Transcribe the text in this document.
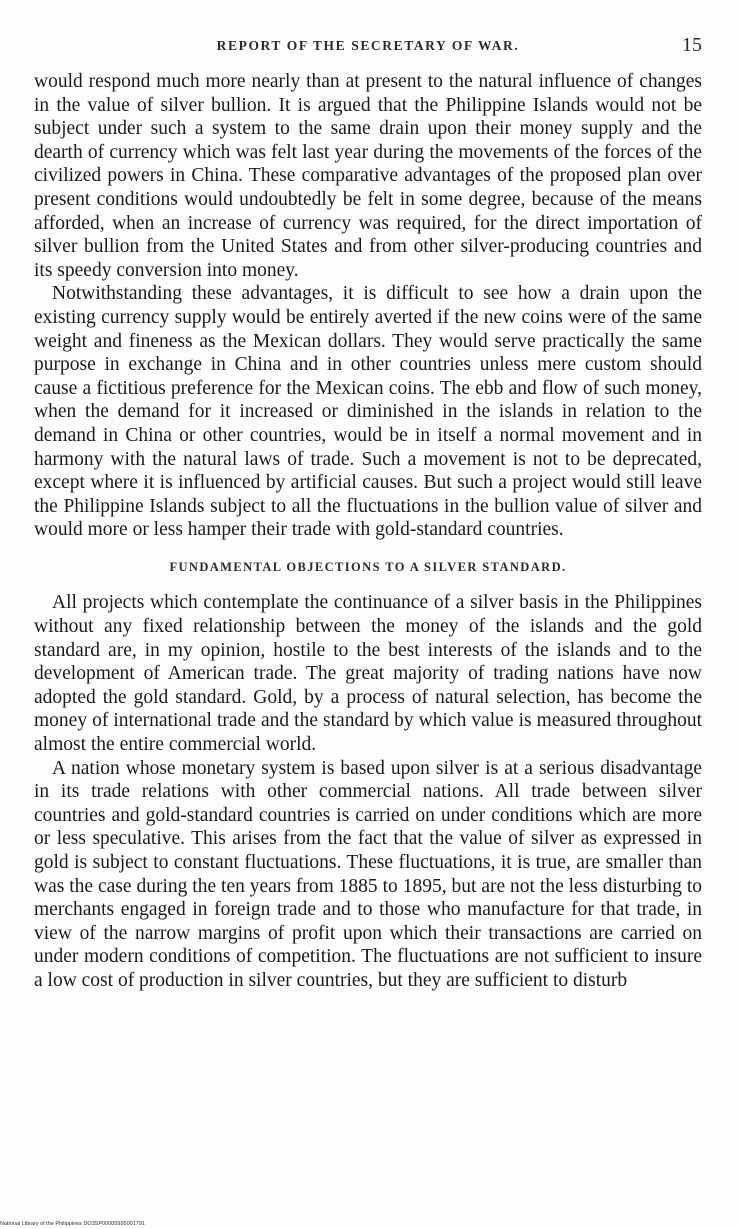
REPORT OF THE SECRETARY OF WAR.	15

would respond much more nearly than at present to the natural influence of changes in the value of silver bullion. It is argued that the Philippine Islands would not be subject under such a system to the same drain upon their money supply and the dearth of currency which was felt last year during the movements of the forces of the civilized powers in China. These comparative advantages of the proposed plan over present conditions would undoubtedly be felt in some degree, because of the means afforded, when an increase of currency was required, for the direct importation of silver bullion from the United States and from other silver-producing countries and its speedy conversion into money.

Notwithstanding these advantages, it is difficult to see how a drain upon the existing currency supply would be entirely averted if the new coins were of the same weight and fineness as the Mexican dollars. They would serve practically the same purpose in exchange in China and in other countries unless mere custom should cause a fictitious preference for the Mexican coins. The ebb and flow of such money, when the demand for it increased or diminished in the islands in relation to the demand in China or other countries, would be in itself a normal movement and in harmony with the natural laws of trade. Such a movement is not to be deprecated, except where it is influenced by artificial causes. But such a project would still leave the Philippine Islands subject to all the fluctuations in the bullion value of silver and would more or less hamper their trade with gold-standard countries.

FUNDAMENTAL OBJECTIONS TO A SILVER STANDARD.

All projects which contemplate the continuance of a silver basis in the Philippines without any fixed relationship between the money of the islands and the gold standard are, in my opinion, hostile to the best interests of the islands and to the development of American trade. The great majority of trading nations have now adopted the gold standard. Gold, by a process of natural selection, has become the money of international trade and the standard by which value is measured throughout almost the entire commercial world.

A nation whose monetary system is based upon silver is at a serious disadvantage in its trade relations with other commercial nations. All trade between silver countries and gold-standard countries is carried on under conditions which are more or less speculative. This arises from the fact that the value of silver as expressed in gold is subject to constant fluctuations. These fluctuations, it is true, are smaller than was the case during the ten years from 1885 to 1895, but are not the less disturbing to merchants engaged in foreign trade and to those who manufacture for that trade, in view of the narrow margins of profit upon which their transactions are carried on under modern conditions of competition. The fluctuations are not sufficient to insure a low cost of production in silver countries, but they are sufficient to disturb

National Library of the Philippines DO3SP00005995001791
